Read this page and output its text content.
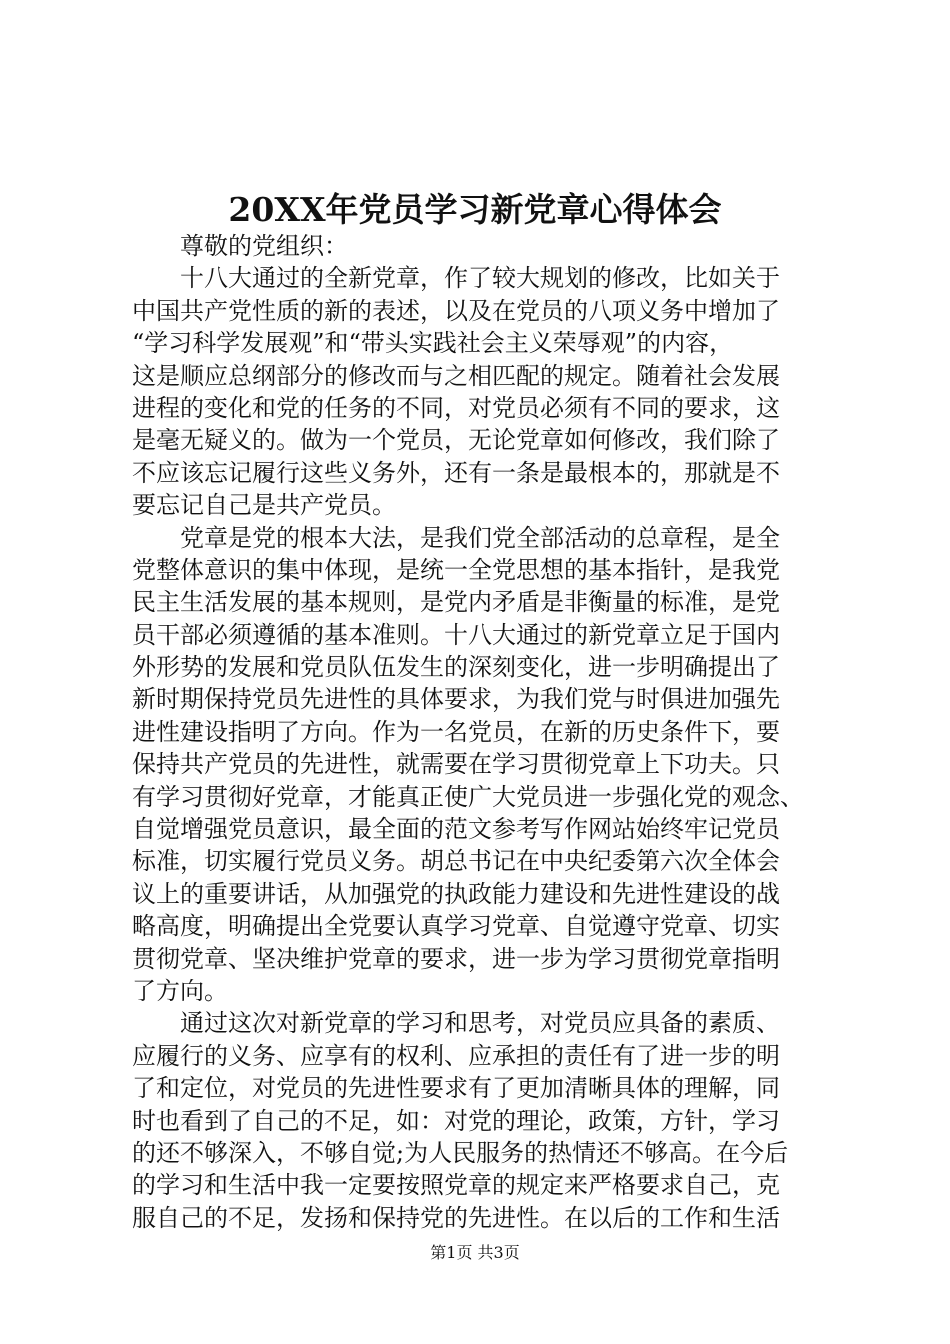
20XX年党员学习新党章心得体会
　　尊敬的党组织：
　　十八大通过的全新党章，作了较大规划的修改，比如关于
中国共产党性质的新的表述，以及在党员的八项义务中增加了
“学习科学发展观”和“带头实践社会主义荣辱观”的内容，
这是顺应总纲部分的修改而与之相匹配的规定。随着社会发展
进程的变化和党的任务的不同，对党员必须有不同的要求，这
是毫无疑义的。做为一个党员，无论党章如何修改，我们除了
不应该忘记履行这些义务外，还有一条是最根本的，那就是不
要忘记自己是共产党员。
　　党章是党的根本大法，是我们党全部活动的总章程，是全
党整体意识的集中体现，是统一全党思想的基本指针，是我党
民主生活发展的基本规则，是党内矛盾是非衡量的标准，是党
员干部必须遵循的基本准则。十八大通过的新党章立足于国内
外形势的发展和党员队伍发生的深刻变化，进一步明确提出了
新时期保持党员先进性的具体要求，为我们党与时俱进加强先
进性建设指明了方向。作为一名党员，在新的历史条件下，要
保持共产党员的先进性，就需要在学习贯彻党章上下功夫。只
有学习贯彻好党章，才能真正使广大党员进一步强化党的观念、
自觉增强党员意识，最全面的范文参考写作网站始终牢记党员
标准，切实履行党员义务。胡总书记在中央纪委第六次全体会
议上的重要讲话，从加强党的执政能力建设和先进性建设的战
略高度，明确提出全党要认真学习党章、自觉遵守党章、切实
贯彻党章、坚决维护党章的要求，进一步为学习贯彻党章指明
了方向。
　　通过这次对新党章的学习和思考，对党员应具备的素质、
应履行的义务、应享有的权利、应承担的责任有了进一步的明
了和定位，对党员的先进性要求有了更加清晰具体的理解，同
时也看到了自己的不足，如：对党的理论，政策，方针，学习
的还不够深入，不够自觉;为人民服务的热情还不够高。在今后
的学习和生活中我一定要按照党章的规定来严格要求自己，克
服自己的不足，发扬和保持党的先进性。在以后的工作和生活
第1页 共3页
